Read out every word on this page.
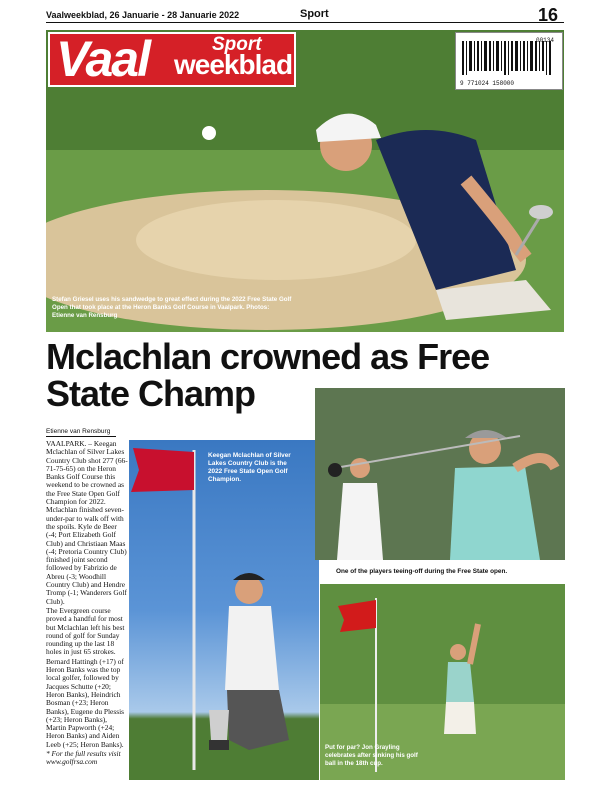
Vaalweekblad, 26 Januarie - 28 Januarie 2022	Sport	16
Vaal	Sport
weekblad
00134
9 771024 158000
Stefan Griesel uses his sandwedge to great effect during the 2022 Free State Golf Open that took place at the Heron Banks Golf Course in Vaalpark. Photos: Etienne van Rensburg
Mclachlan crowned as Free State Champ
Etienne van Rensburg

VAALPARK. – Keegan Mclachlan of Silver Lakes Country Club shot 277 (66-71-75-65) on the Heron Banks Golf Course this weekend to be crowned as the Free State Open Golf Champion for 2022. Mclachlan finished seven-under-par to walk off with the spoils. Kyle de Beer (-4; Port Elizabeth Golf Club) and Christiaan Maas (-4; Pretoria Country Club) finished joint second followed by Fabrizio de Abreu (-3; Woodhill Country Club) and Hendre Tromp (-1; Wanderers Golf Club).

The Evergreen course proved a handful for most but Mclachlan left his best round of golf for Sunday rounding up the last 18 holes in just 65 strokes.

Bernard Hattingh (+17) of Heron Banks was the top local golfer, followed by Jacques Schutte (+20; Heron Banks), Heindrich Bosman (+23; Heron Banks), Eugene du Plessis (+23; Heron Banks), Martin Papworth (+24; Heron Banks) and Aiden Leeb (+25; Heron Banks).

* For the full results visit www.golfrsa.com

Keegan Mclachlan of Silver Lakes Country Club is the 2022 Free State Open Golf Champion.
One of the players teeing-off during the Free State open.
Put for par? Jon Grayling celebrates after sinking his golf ball in the 18th cup.
